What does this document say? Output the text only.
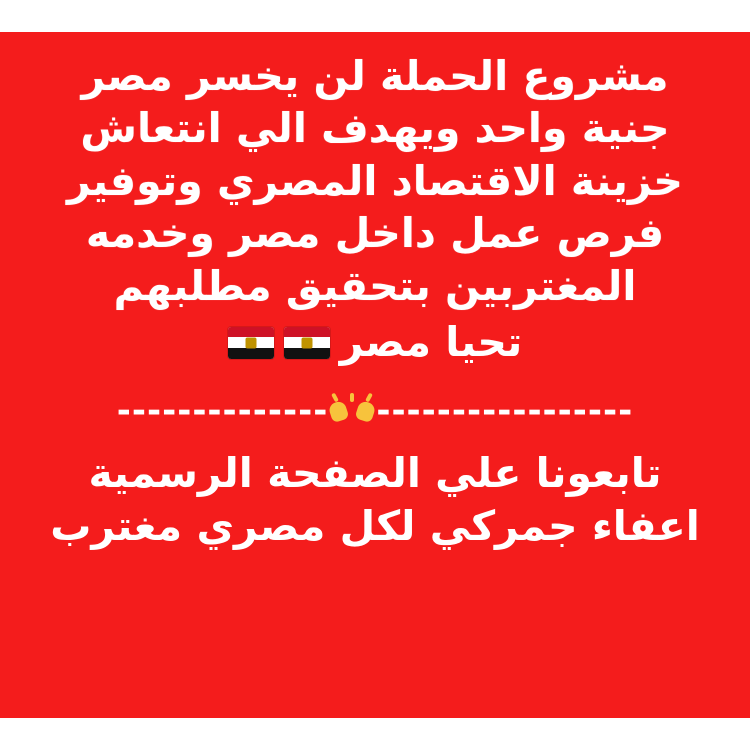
مشروع الحملة لن يخسر مصر
جنية واحد ويهدف الي انتعاش
خزينة الاقتصاد المصري وتوفير
فرص عمل داخل مصر وخدمه
المغتربين بتحقيق مطلبهم
تحيا مصر
-----------------
--------------
تابعونا علي الصفحة الرسمية
اعفاء جمركي لكل مصري مغترب
